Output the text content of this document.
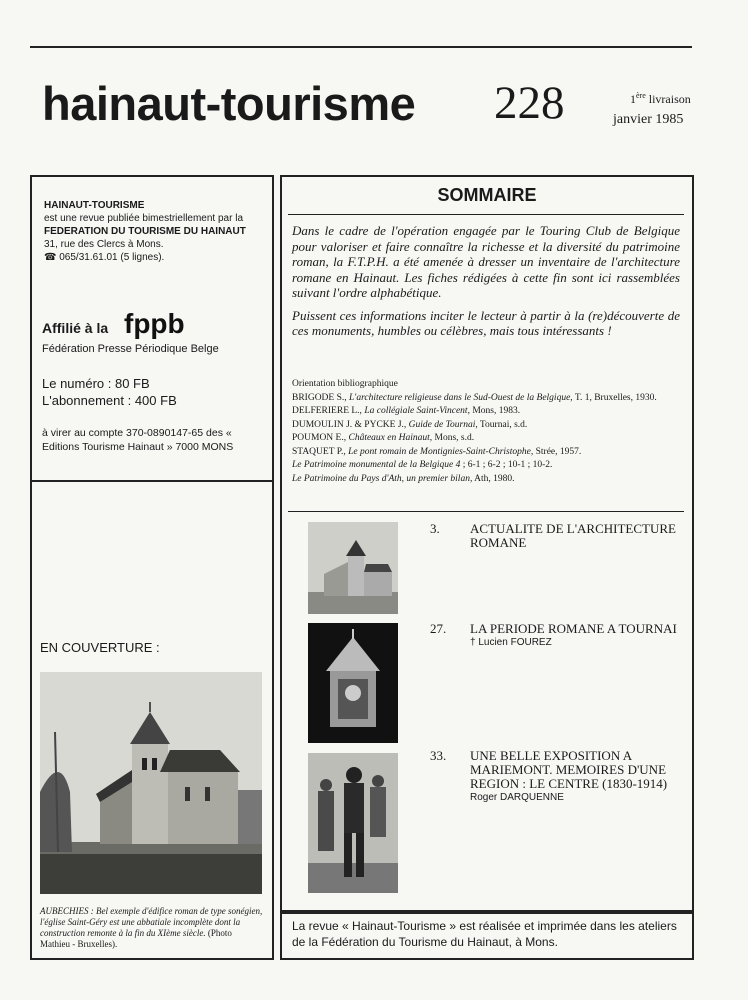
hainaut-tourisme 228	1ère livraison
janvier 1985
HAINAUT-TOURISME
est une revue publiée bimestriellement par la
FEDERATION DU TOURISME DU HAINAUT
31, rue des Clercs à Mons.
☎ 065/31.61.01 (5 lignes).
Affilié à la fppb
Fédération Presse Périodique Belge
Le numéro : 80 FB
L'abonnement : 400 FB
à virer au compte 370-0890147-65 des « Editions Tourisme Hainaut » 7000 MONS
EN COUVERTURE :
AUBECHIES : Bel exemple d'édifice roman de type sonégien, l'église Saint-Géry est une abbatiale incomplète dont la construction remonte à la fin du XIème siècle. (Photo Mathieu - Bruxelles).
SOMMAIRE

Dans le cadre de l'opération engagée par le Touring Club de Belgique pour valoriser et faire connaître la richesse et la diversité du patrimoine roman, la F.T.P.H. a été amenée à dresser un inventaire de l'architecture romane en Hainaut. Les fiches rédigées à cette fin sont ici rassemblées suivant l'ordre alphabétique.

Puissent ces informations inciter le lecteur à partir à la (re)découverte de ces monuments, humbles ou célèbres, mais tous intéressants !

Orientation bibliographique
BRIGODE S., L'architecture religieuse dans le Sud-Ouest de la Belgique, T. 1, Bruxelles, 1930.
DELFERIERE L., La collégiale Saint-Vincent, Mons, 1983.
DUMOULIN J. & PYCKE J., Guide de Tournai, Tournai, s.d.
POUMON E., Châteaux en Hainaut, Mons, s.d.
STAQUET P., Le pont romain de Montignies-Saint-Christophe, Strée, 1957.
Le Patrimoine monumental de la Belgique 4 ; 6-1 ; 6-2 ; 10-1 ; 10-2.
Le Patrimoine du Pays d'Ath, un premier bilan, Ath, 1980.
3. ACTUALITE DE L'ARCHITECTURE ROMANE
27. LA PERIODE ROMANE A TOURNAI
† Lucien FOUREZ
33. UNE BELLE EXPOSITION A MARIEMONT. MEMOIRES D'UNE REGION : LE CENTRE (1830-1914)
Roger DARQUENNE
La revue « Hainaut-Tourisme » est réalisée et imprimée dans les ateliers de la Fédération du Tourisme du Hainaut, à Mons.
